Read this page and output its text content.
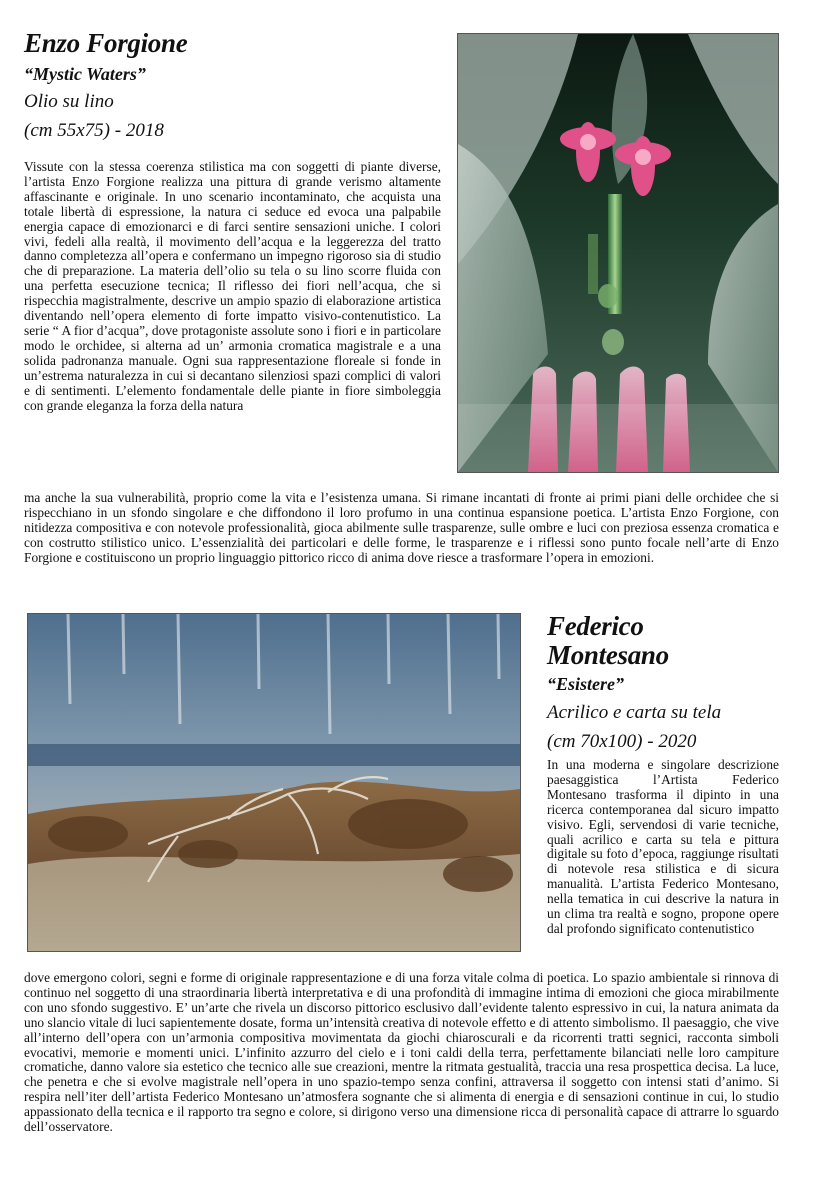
Enzo Forgione
“Mystic Waters”
Olio su lino
(cm 55x75) - 2018
Vissute con la stessa coerenza stilistica ma con soggetti di piante diverse, l’artista Enzo Forgione realizza una pittura di grande verismo altamente affascinante e originale. In uno scenario incontaminato, che acquista una totale libertà di espressione, la natura ci seduce ed evoca una palpabile energia capace di emozionarci e di farci sentire sensazioni uniche. I colori vivi, fedeli alla realtà, il movimento dell’acqua e la leggerezza del tratto danno completezza all’opera e confermano un impegno rigoroso sia di studio che di preparazione. La materia dell’olio su tela o su lino scorre fluida con una perfetta esecuzione tecnica; Il riflesso dei fiori nell’acqua, che si rispecchia magistralmente, descrive un ampio spazio di elaborazione artistica diventando nell’opera elemento di forte impatto visivo-contenutistico. La serie “ A fior d’acqua”, dove protagoniste assolute sono i fiori e in particolare modo le orchidee, si alterna ad un’ armonia cromatica magistrale e a una solida padronanza manuale. Ogni sua rappresentazione floreale si fonde in un’estrema naturalezza in cui si decantano silenziosi spazi complici di valori e di sentimenti. L’elemento fondamentale delle piante in fiore simboleggia con grande eleganza la forza della natura
ma anche la sua vulnerabilità, proprio come la vita e l’esistenza umana. Si rimane incantati di fronte ai primi piani delle orchidee che si rispecchiano in un sfondo singolare e che diffondono il loro profumo in una continua espansione poetica. L’artista Enzo Forgione, con nitidezza compositiva e con notevole professionalità, gioca abilmente sulle trasparenze, sulle ombre e luci con preziosa essenza cromatica e con costrutto stilistico unico. L’essenzialità dei particolari e delle forme, le trasparenze e i riflessi sono punto focale nell’arte di Enzo Forgione e costituiscono un proprio linguaggio pittorico ricco di anima dove riesce a trasformare l’opera in emozioni.
Federico
Montesano
“Esistere”
Acrilico e carta su tela
(cm 70x100) - 2020
In una moderna e singolare descrizione paesaggistica l’Artista Federico Montesano trasforma il dipinto in una ricerca contemporanea dal sicuro impatto visivo. Egli, servendosi di varie tecniche, quali acrilico e carta su tela e pittura digitale su foto d’epoca, raggiunge risultati di notevole resa stilistica e di sicura manualità. L’artista Federico Montesano, nella tematica in cui descrive la natura in un clima tra realtà e sogno, propone opere dal profondo significato contenutistico
dove emergono colori, segni e forme di originale rappresentazione e di una forza vitale colma di poetica. Lo spazio ambientale si rinnova di continuo nel soggetto di una straordinaria libertà interpretativa e di una profondità di immagine intima di emozioni che gioca mirabilmente con uno sfondo suggestivo. E’ un’arte che rivela un discorso pittorico esclusivo dall’evidente talento espressivo in cui, la natura animata da uno slancio vitale di luci sapientemente dosate, forma un’intensità creativa di notevole effetto e di attento simbolismo. Il paesaggio, che vive all’interno dell’opera con un’armonia compositiva movimentata da giochi chiaroscurali e da ricorrenti tratti segnici, racconta simboli evocativi, memorie e momenti unici. L’infinito azzurro del cielo e i toni caldi della terra, perfettamente bilanciati nelle loro campiture cromatiche, danno valore sia estetico che tecnico alle sue creazioni, mentre la ritmata gestualità, traccia una resa prospettica decisa. La luce, che penetra e che si evolve magistrale nell’opera in uno spazio-tempo senza confini, attraversa il soggetto con intensi stati d’animo. Si respira nell’iter dell’artista Federico Montesano un’atmosfera sognante che si alimenta di energia e di sensazioni continue in cui, lo studio appassionato della tecnica e il rapporto tra segno e colore, si dirigono verso una dimensione ricca di personalità capace di attrarre lo sguardo dell’osservatore.
